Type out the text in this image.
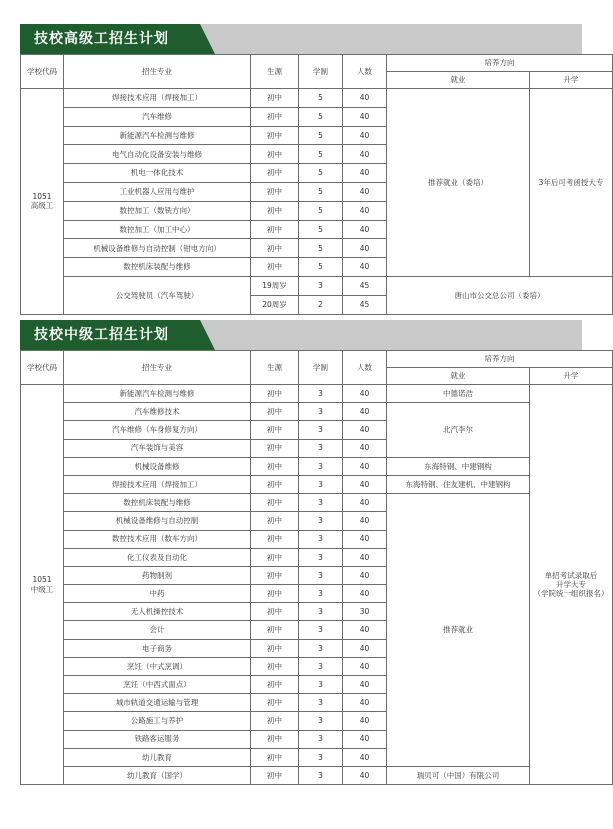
技校高级工招生计划
学校代码	招生专业	生源	学制	人数	培养方向	
					就业	升学
1051
高级工	焊接技术应用（焊接加工）	初中	5	40	推荐就业（委培）	3年后可考函授大专
	汽车维修	初中	5	40		
	新能源汽车检测与维修	初中	5	40		
	电气自动化设备安装与维修	初中	5	40		
	机电一体化技术	初中	5	40		
	工业机器人应用与维护	初中	5	40		
	数控加工（数铣方向）	初中	5	40		
	数控加工（加工中心）	初中	5	40		
	机械设备维修与自动控制（钳电方向）	初中	5	40		
	数控机床装配与维修	初中	5	40		
	公交驾驶员（汽车驾驶）	19周岁	3	45	唐山市公交总公司（委培）	
		20周岁	2	45		
技校中级工招生计划
学校代码	招生专业	生源	学制	人数	培养方向	
					就业	升学
1051
中级工	新能源汽车检测与维修	初中	3	40	中德诺浩	单招考试录取后
升学大专
（学院统一组织报名）
	汽车维修技术	初中	3	40	北汽李尔	
	汽车维修（车身修复方向）	初中	3	40		
	汽车装饰与美容	初中	3	40		
	机械设备维修	初中	3	40	东海特钢、中建钢构	
	焊接技术应用（焊接加工）	初中	3	40	东海特钢、住友建机、中建钢构	
	数控机床装配与维修	初中	3	40	推荐就业	
	机械设备维修与自动控制	初中	3	40		
	数控技术应用（数车方向）	初中	3	40		
	化工仪表及自动化	初中	3	40		
	药物制剂	初中	3	40		
	中药	初中	3	40		
	无人机操控技术	初中	3	30		
	会计	初中	3	40		
	电子商务	初中	3	40		
	烹饪（中式烹调）	初中	3	40		
	烹饪（中西式面点）	初中	3	40		
	城市轨道交通运输与管理	初中	3	40		
	公路施工与养护	初中	3	40		
	铁路客运服务	初中	3	40		
	幼儿教育	初中	3	40		
	幼儿教育（国学）	初中	3	40	瑞贝可（中国）有限公司	
